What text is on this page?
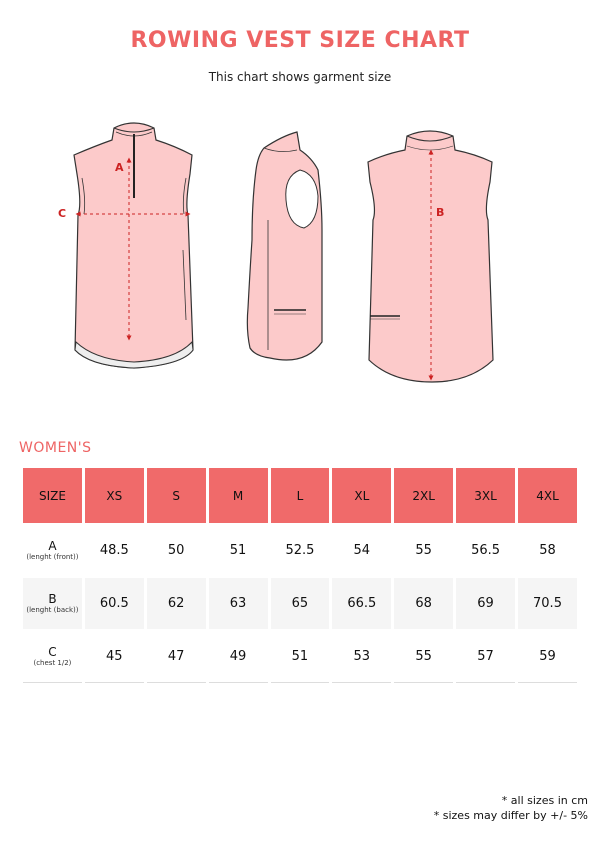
ROWING VEST SIZE CHART
This chart shows garment size
A
C	B
WOMEN'S
SIZE	XS	S	M	L	XL	2XL	3XL	4XL
A
(lenght (front))	48.5	50	51	52.5	54	55	56.5	58
B
(lenght (back))	60.5	62	63	65	66.5	68	69	70.5
C
(chest 1/2)	45	47	49	51	53	55	57	59
* all sizes in cm
* sizes may differ by +/- 5%
